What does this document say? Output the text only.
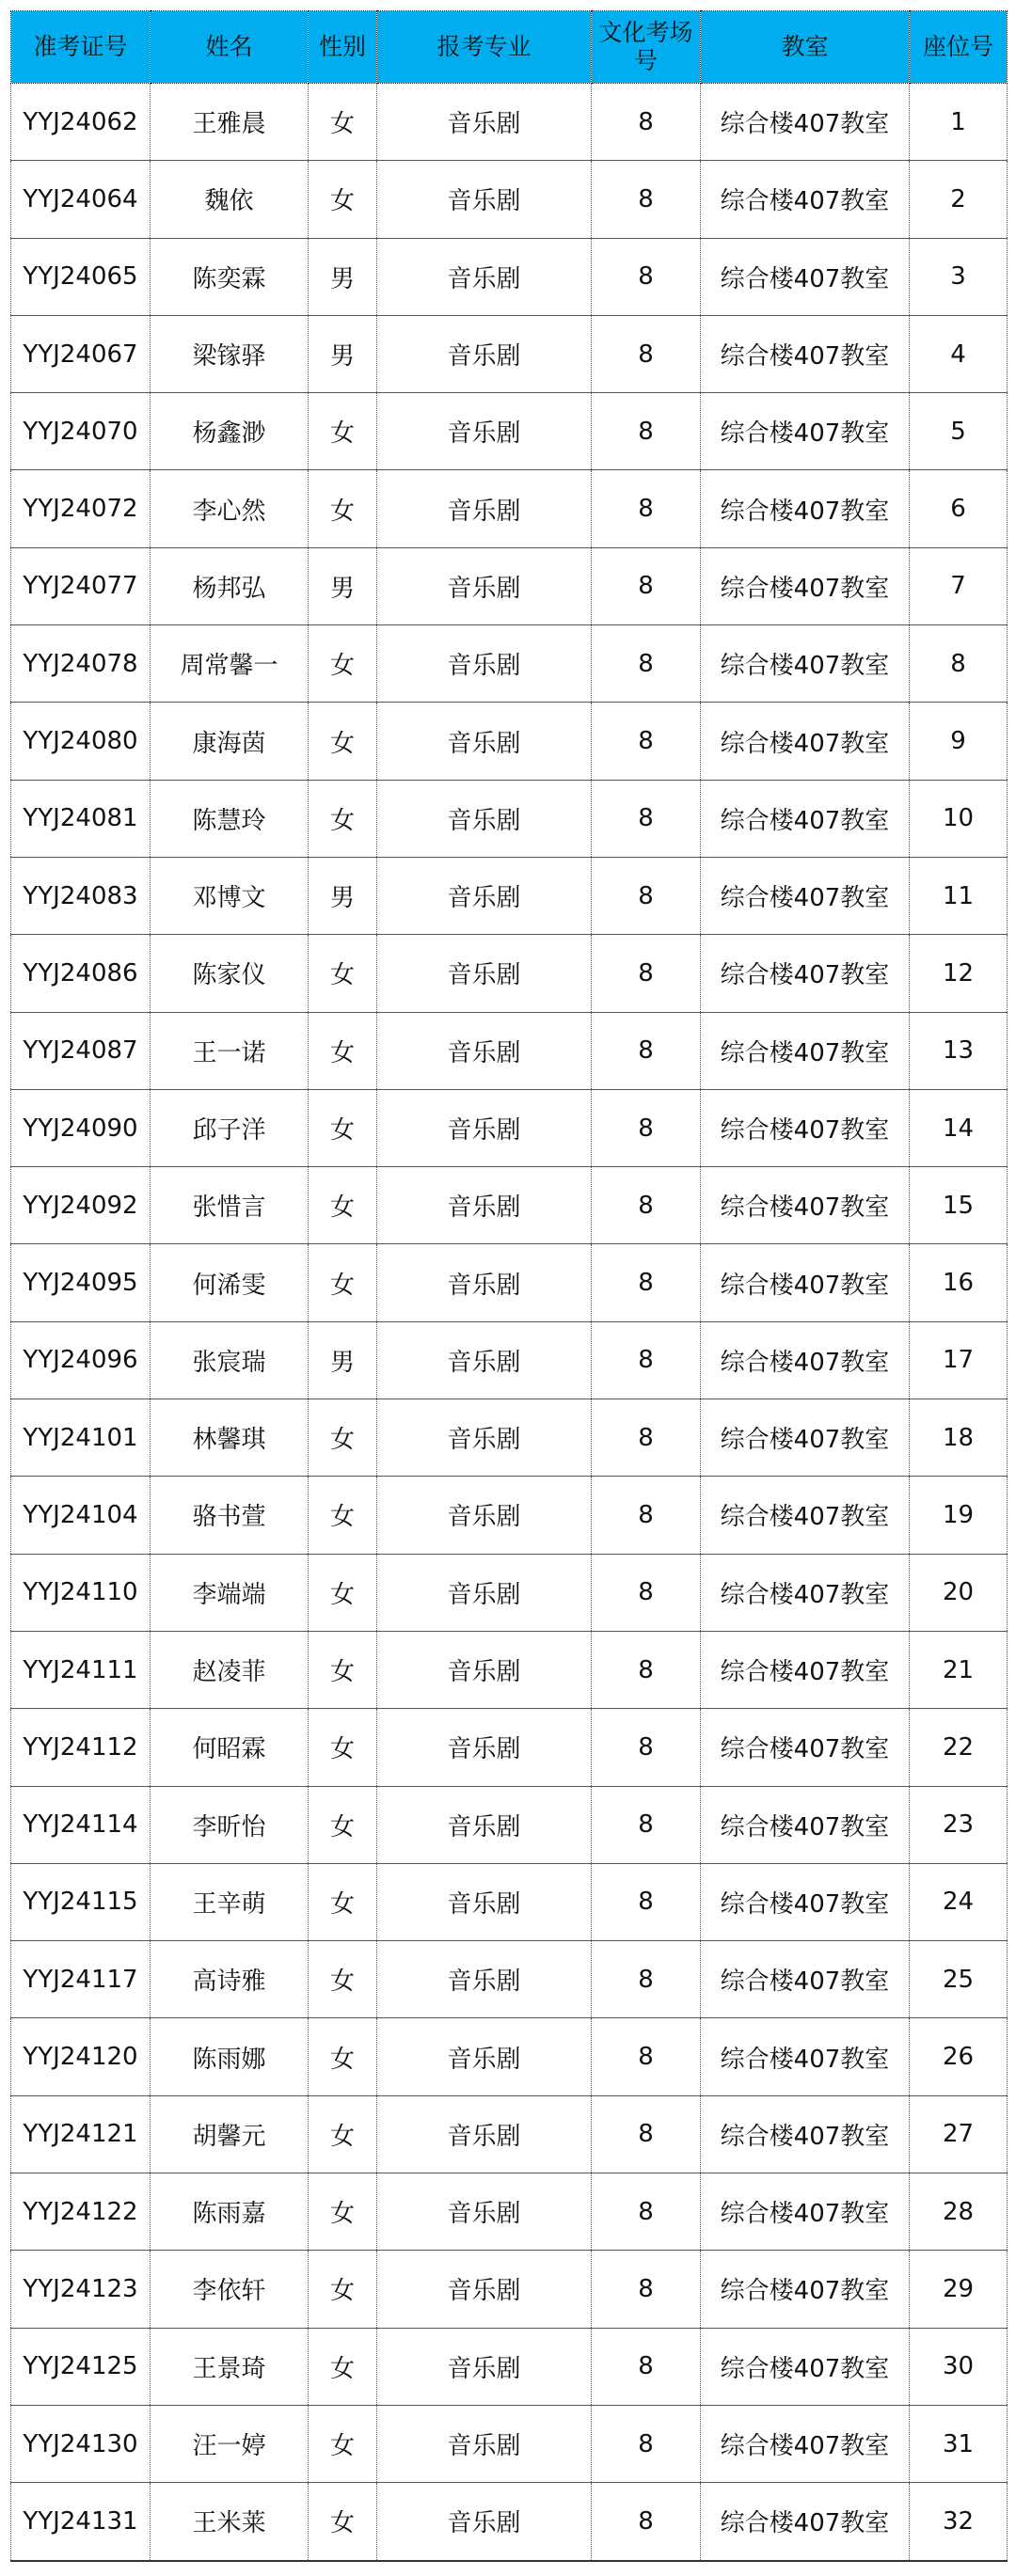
准考证号	姓名	性别	报考专业	文化考场号	教室	座位号
YYJ24062	王雅晨	女	音乐剧	8	综合楼407教室	1
YYJ24064	魏依	女	音乐剧	8	综合楼407教室	2
YYJ24065	陈奕霖	男	音乐剧	8	综合楼407教室	3
YYJ24067	梁镓驿	男	音乐剧	8	综合楼407教室	4
YYJ24070	杨鑫渺	女	音乐剧	8	综合楼407教室	5
YYJ24072	李心然	女	音乐剧	8	综合楼407教室	6
YYJ24077	杨邦弘	男	音乐剧	8	综合楼407教室	7
YYJ24078	周常馨一	女	音乐剧	8	综合楼407教室	8
YYJ24080	康海茵	女	音乐剧	8	综合楼407教室	9
YYJ24081	陈慧玲	女	音乐剧	8	综合楼407教室	10
YYJ24083	邓博文	男	音乐剧	8	综合楼407教室	11
YYJ24086	陈家仪	女	音乐剧	8	综合楼407教室	12
YYJ24087	王一诺	女	音乐剧	8	综合楼407教室	13
YYJ24090	邱子洋	女	音乐剧	8	综合楼407教室	14
YYJ24092	张惜言	女	音乐剧	8	综合楼407教室	15
YYJ24095	何浠雯	女	音乐剧	8	综合楼407教室	16
YYJ24096	张宸瑞	男	音乐剧	8	综合楼407教室	17
YYJ24101	林馨琪	女	音乐剧	8	综合楼407教室	18
YYJ24104	骆书萱	女	音乐剧	8	综合楼407教室	19
YYJ24110	李端端	女	音乐剧	8	综合楼407教室	20
YYJ24111	赵凌菲	女	音乐剧	8	综合楼407教室	21
YYJ24112	何昭霖	女	音乐剧	8	综合楼407教室	22
YYJ24114	李昕怡	女	音乐剧	8	综合楼407教室	23
YYJ24115	王辛萌	女	音乐剧	8	综合楼407教室	24
YYJ24117	高诗雅	女	音乐剧	8	综合楼407教室	25
YYJ24120	陈雨娜	女	音乐剧	8	综合楼407教室	26
YYJ24121	胡馨元	女	音乐剧	8	综合楼407教室	27
YYJ24122	陈雨嘉	女	音乐剧	8	综合楼407教室	28
YYJ24123	李依轩	女	音乐剧	8	综合楼407教室	29
YYJ24125	王景琦	女	音乐剧	8	综合楼407教室	30
YYJ24130	汪一婷	女	音乐剧	8	综合楼407教室	31
YYJ24131	王米莱	女	音乐剧	8	综合楼407教室	32
